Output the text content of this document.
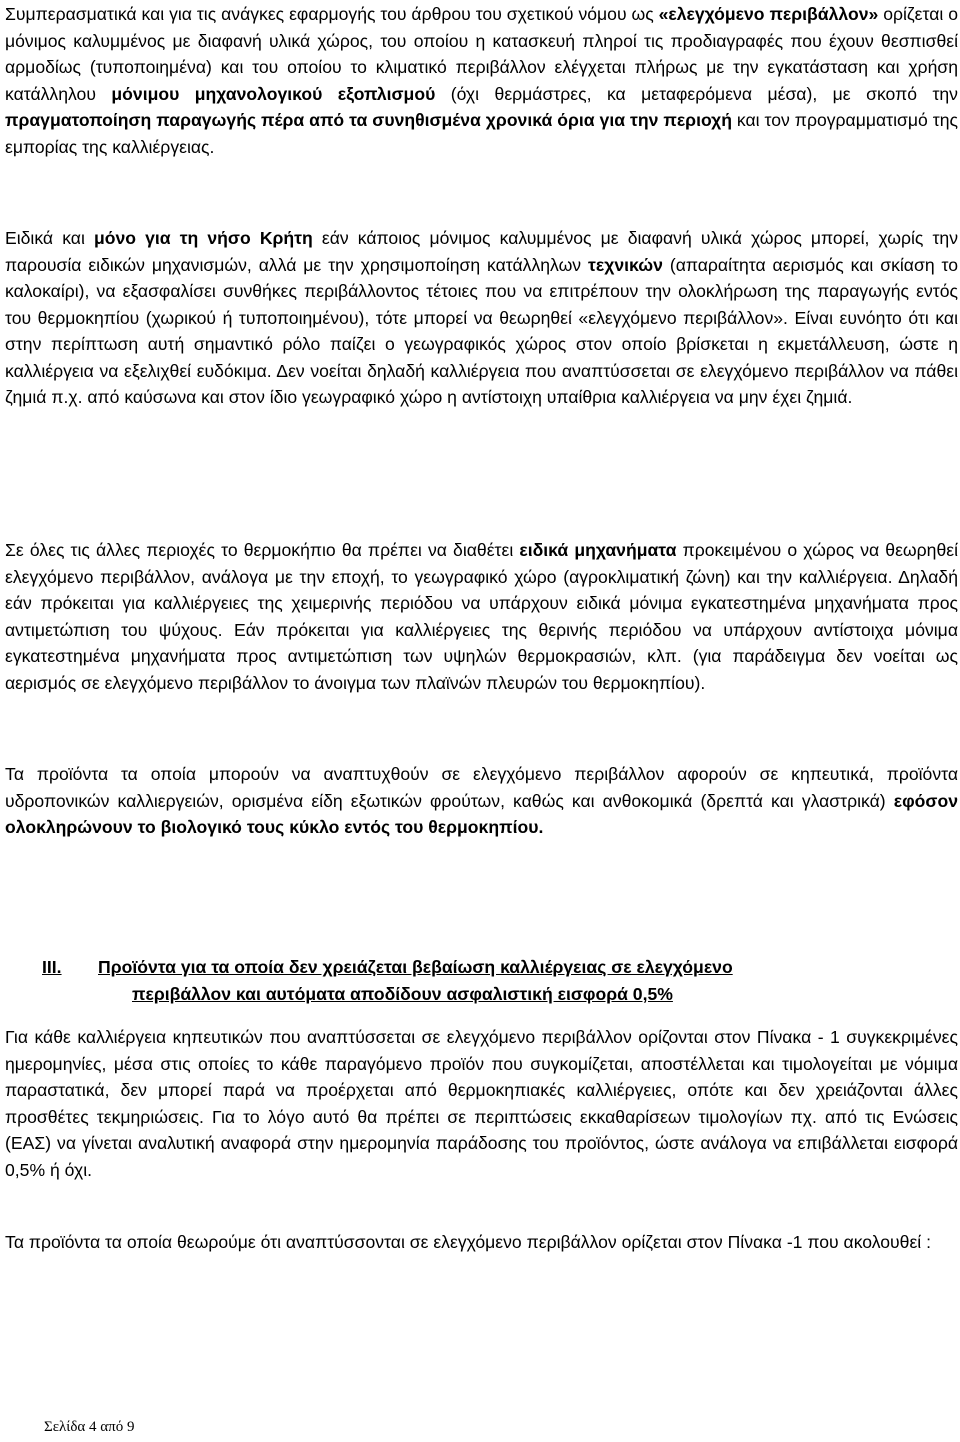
Συμπερασματικά και για τις ανάγκες εφαρμογής του άρθρου του σχετικού νόμου ως «ελεγχόμενο περιβάλλον» ορίζεται ο μόνιμος καλυμμένος με διαφανή υλικά χώρος, του οποίου η κατασκευή πληροί τις προδιαγραφές που έχουν θεσπισθεί αρμοδίως (τυποποιημένα) και του οποίου το κλιματικό περιβάλλον ελέγχεται πλήρως με την εγκατάσταση και χρήση κατάλληλου μόνιμου μηχανολογικού εξοπλισμού (όχι θερμάστρες, κα μεταφερόμενα μέσα), με σκοπό την πραγματοποίηση παραγωγής πέρα από τα συνηθισμένα χρονικά όρια για την περιοχή και τον προγραμματισμό της εμπορίας της καλλιέργειας.

Ειδικά και μόνο για τη νήσο Κρήτη εάν κάποιος μόνιμος καλυμμένος με διαφανή υλικά χώρος μπορεί, χωρίς την παρουσία ειδικών μηχανισμών, αλλά με την χρησιμοποίηση κατάλληλων τεχνικών (απαραίτητα αερισμός και σκίαση το καλοκαίρι), να εξασφαλίσει συνθήκες περιβάλλοντος τέτοιες που να επιτρέπουν την ολοκλήρωση της παραγωγής εντός του θερμοκηπίου (χωρικού ή τυποποιημένου), τότε μπορεί να θεωρηθεί «ελεγχόμενο περιβάλλον». Είναι ευνόητο ότι και στην περίπτωση αυτή σημαντικό ρόλο παίζει ο γεωγραφικός χώρος στον οποίο βρίσκεται η εκμετάλλευση, ώστε η καλλιέργεια να εξελιχθεί ευδόκιμα. Δεν νοείται δηλαδή καλλιέργεια που αναπτύσσεται σε ελεγχόμενο περιβάλλον να πάθει ζημιά π.χ. από καύσωνα και στον ίδιο γεωγραφικό χώρο η αντίστοιχη υπαίθρια καλλιέργεια να μην έχει ζημιά.

Σε όλες τις άλλες περιοχές το θερμοκήπιο θα πρέπει να διαθέτει ειδικά μηχανήματα προκειμένου ο χώρος να θεωρηθεί ελεγχόμενο περιβάλλον, ανάλογα με την εποχή, το γεωγραφικό χώρο (αγροκλιματική ζώνη) και την καλλιέργεια. Δηλαδή εάν πρόκειται για καλλιέργειες της χειμερινής περιόδου να υπάρχουν ειδικά μόνιμα εγκατεστημένα μηχανήματα προς αντιμετώπιση του ψύχους. Εάν πρόκειται για καλλιέργειες της θερινής περιόδου να υπάρχουν αντίστοιχα μόνιμα εγκατεστημένα μηχανήματα προς αντιμετώπιση των υψηλών θερμοκρασιών, κλπ. (για παράδειγμα δεν νοείται ως αερισμός σε ελεγχόμενο περιβάλλον το άνοιγμα των πλαϊνών πλευρών του θερμοκηπίου).

Τα προϊόντα τα οποία μπορούν να αναπτυχθούν σε ελεγχόμενο περιβάλλον αφορούν σε κηπευτικά, προϊόντα υδροπονικών καλλιεργειών, ορισμένα είδη εξωτικών φρούτων, καθώς και ανθοκομικά (δρεπτά και γλαστρικά) εφόσον ολοκληρώνουν το βιολογικό τους κύκλο εντός του θερμοκηπίου.

III. Προϊόντα για τα οποία δεν χρειάζεται βεβαίωση καλλιέργειας σε ελεγχόμενο
περιβάλλον και αυτόματα αποδίδουν ασφαλιστική εισφορά 0,5%

Για κάθε καλλιέργεια κηπευτικών που αναπτύσσεται σε ελεγχόμενο περιβάλλον ορίζονται στον Πίνακα - 1 συγκεκριμένες ημερομηνίες, μέσα στις οποίες το κάθε παραγόμενο προϊόν που συγκομίζεται, αποστέλλεται και τιμολογείται με νόμιμα παραστατικά, δεν μπορεί παρά να προέρχεται από θερμοκηπιακές καλλιέργειες, οπότε και δεν χρειάζονται άλλες προσθέτες τεκμηριώσεις. Για το λόγο αυτό θα πρέπει σε περιπτώσεις εκκαθαρίσεων τιμολογίων πχ. από τις Ενώσεις (ΕΑΣ) να γίνεται αναλυτική αναφορά στην ημερομηνία παράδοσης του προϊόντος, ώστε ανάλογα να επιβάλλεται εισφορά 0,5% ή όχι.

Τα προϊόντα τα οποία θεωρούμε ότι αναπτύσσονται σε ελεγχόμενο περιβάλλον ορίζεται στον Πίνακα -1 που ακολουθεί :

Σελίδα 4 από 9
